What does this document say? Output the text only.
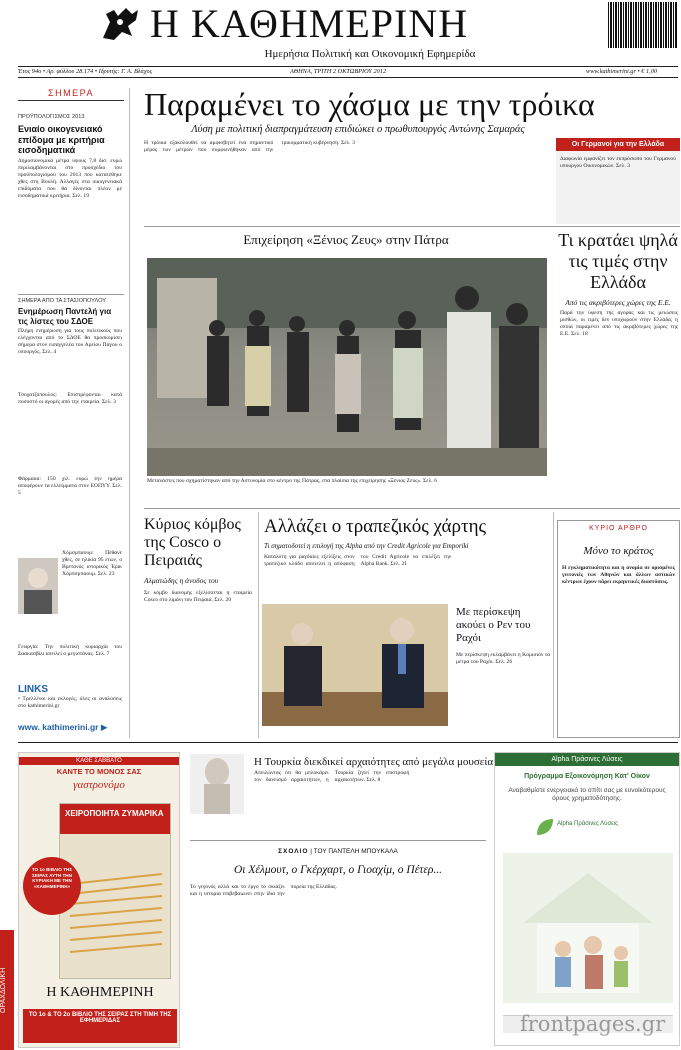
Η ΚΑΘΗΜΕΡΙΝΗ
Ημερήσια Πολιτική και Οικονομική Εφημερίδα
Έτος 94ο • Αρ. φύλλου 28.174 • Ιδρυτής: Γ. Α. Βλάχος	ΑΘΗΝΑ, ΤΡΙΤΗ 2 ΟΚΤΩΒΡΙΟΥ 2012	www.kathimerini.gr • € 1,00
ΣΗΜΕΡΑ
ΠΡΟΫΠΟΛΟΓΙΣΜΟΣ 2013
Ενιαίο οικογενειακό επίδομα με κριτήρια εισοδηματικά
Δημοσιονομικά μέτρα ύψους 7,8 δισ. ευρώ περιλαμβάνονται στο προσχέδιο του προϋπολογισμού του 2013 που κατατέθηκε χθες στη Βουλή. Αλλαγές στα οικογενειακά επιδόματα που θα δίνονται πλέον με εισοδηματικά κριτήρια. Σελ. 19
ΣΗΜΕΡΑ ΑΠΟ ΤΑ ΣΤΑΣΙΟΠΟΥΛΟΥ
Ενημέρωση Παντελή για τις λίστες του ΣΔΟΕ
Πλήρη ενημέρωση για τους πολιτικούς που ελέγχονται από το ΣΔΟΕ θα προσκομίσει σήμερα στον εισαγγελέα του Αρείου Πάγου ο υπουργός. Σελ. 4
Τσοχατζόπουλος: Επιστρέφονται κατά ποσοστό οι αγορές από την εταιρεία. Σελ. 3
Φάρμακα: 150 χιλ. ευρώ την ημέρα αποφέρουν τα ελλείμματα στον ΕΟΠΥΥ. Σελ. 5
Χόμσμπαουμ: Πέθανε χθες, σε ηλικία 95 ετών, ο Βρετανός ιστορικός Έρικ Χόμπσμπαουμ. Σελ. 23
Γεωργία: Την πολιτική κυριαρχία του Σαακασβίλι απειλεί ο μεγιστάνας. Σελ. 7
LINKS
• Τρελλένοι και εκλογές, όλες οι αναλύσεις στο kathimerini.gr
www. kathimerini.gr ▶
Παραμένει το χάσμα με την τρόικα
Λύση με πολιτική διαπραγμάτευση επιδιώκει ο πρωθυπουργός Αντώνης Σαμαράς
Η τρόικα εξακολουθεί να αμφισβητεί ένα σημαντικό μέρος των μέτρων που συμφωνήθηκαν από την τρικομματική κυβέρνηση. Σελ. 3	Οι Γερμανοί για την Ελλάδα
Διαφωνία εμφανίζει τον εκπρόσωπο του Γερμανού υπουργού Οικονομικών. Σελ. 3
Επιχείρηση «Ξένιος Ζευς» στην Πάτρα
Μετανάστες που σχηματίστηκαν από την Αστυνομία στο κέντρο της Πάτρας, στα πλαίσια της επιχείρησης «Ξένιος Ζευς». Σελ. 6
Τι κρατάει ψηλά τις τιμές στην Ελλάδα
Από τις ακριβότερες χώρες της Ε.Ε.
Παρά την ύφεση της αγοράς και τις μειώσεις μισθών, οι τιμές δεν υποχωρούν στην Ελλάδα, η οποία παραμένει από τις ακριβότερες χώρες της Ε.Ε. Σελ. 18
Κύριος κόμβος της Cosco ο Πειραιάς
Αλματώδης η άνοδος του
Σε κόμβο διανομής εξελίσσεται η εταιρεία Cosco στο λιμάνι του Πειραιά. Σελ. 20
Αλλάζει ο τραπεζικός χάρτης
Τι σηματοδοτεί η επιλογή της Alpha από την Credit Agricole για Emporiki
Καταλύτη για ραγδαίες εξελίξεις στον τραπεζικό κλάδο αποτελεί η απόφαση του Credit Agricole να επιλέξει την Alpha Bank. Σελ. 21
Με περίσκεψη ακούει ο Ρεν του Ραχόι
Με περίσκεψη εκλαμβάνει η Κομισιόν τα μέτρα του Ραχόι. Σελ. 26
ΚΥΡΙΟ ΑΡΘΡΟ
Μόνο το κράτος
Η εγκληματικότητα και η ανομία σε ορισμένες γειτονιές των Αθηνών και άλλων αστικών κέντρων έχουν πάρει εκρηκτικές διαστάσεις.
ΚΑΘΕ ΣΑΒΒΑΤΟ
ΚΑΝΤΕ ΤΟ ΜΟΝΟΣ ΣΑΣ
γαστρονόμο
ΧΕΙΡΟΠΟΙΗΤΑ ΖΥΜΑΡΙΚΑ
ΤΟ 1ο ΒΙΒΛΙΟ ΤΗΣ ΣΕΙΡΑΣ ΑΥΤΗ ΤΗΝ ΚΥΡΙΑΚΗ ΜΕ ΤΗΝ «ΚΑΘΗΜΕΡΙΝΗ»
Η ΚΑΘΗΜΕΡΙΝΗ
ΤΟ 1ο & ΤΟ 2ο ΒΙΒΛΙΟ ΤΗΣ ΣΕΙΡΑΣ ΣΤΗ ΤΙΜΗ ΤΗΣ ΕΦΗΜΕΡΙΔΑΣ
ΟΡΑΧΔΟΛΙΚΗ
Η Τουρκία διεκδικεί αρχαιότητες από μεγάλα μουσεία
Απειλώντας ότι θα μπλοκάρει τον δανεισμό αρχαιοτήτων, η Τουρκία ζητεί την επιστροφή αρχαιοτήτων. Σελ. 8
ΣΧΟΛΙΟ | ΤΟΥ ΠΑΝΤΕΛΗ ΜΠΟΥΚΑΛΑ
Οι Χέλμουτ, ο Γκέρχαρτ, ο Γιοαχίμ, ο Πέτερ...
Το γεγονός αλλά και το έργο το σκιάζει και η ιστορία επιβεβαιώνει στην ίδια την πορεία της Ελλάδας.
Alpha Πράσινες Λύσεις
Πρόγραμμα Εξοικονόμηση Κατ' Οίκον
Αναβαθμίστε ενεργειακά το σπίτι σας με ευνοϊκότερους όρους χρηματοδότησης.
Alpha Πράσινες Λύσεις
frontpages.gr
